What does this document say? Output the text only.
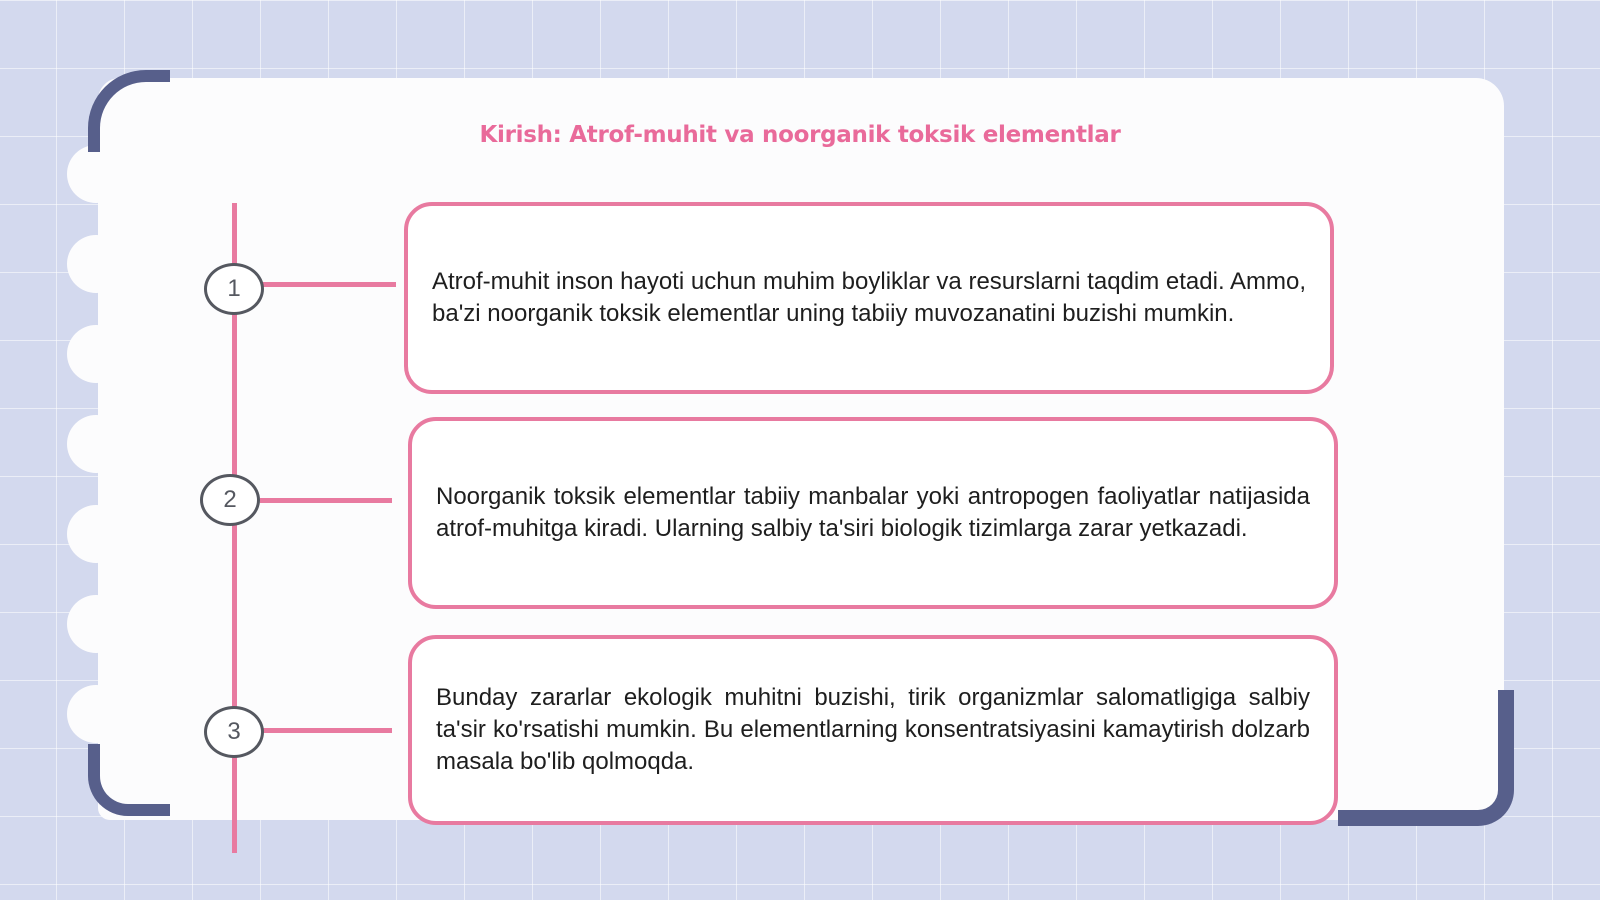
Kirish: Atrof-muhit va noorganik toksik elementlar
1	Atrof-muhit inson hayoti uchun muhim boyliklar va resurslarni taqdim etadi. Ammo, ba'zi noorganik toksik elementlar uning tabiiy muvozanatini buzishi mumkin.
2	Noorganik toksik elementlar tabiiy manbalar yoki antropogen faoliyatlar natijasida atrof-muhitga kiradi. Ularning salbiy ta'siri biologik tizimlarga zarar yetkazadi.
3
Bunday zararlar ekologik muhitni buzishi, tirik organizmlar salomatligiga salbiy ta'sir ko'rsatishi mumkin. Bu elementlarning konsentratsiyasini kamaytirish dolzarb masala bo'lib qolmoqda.
